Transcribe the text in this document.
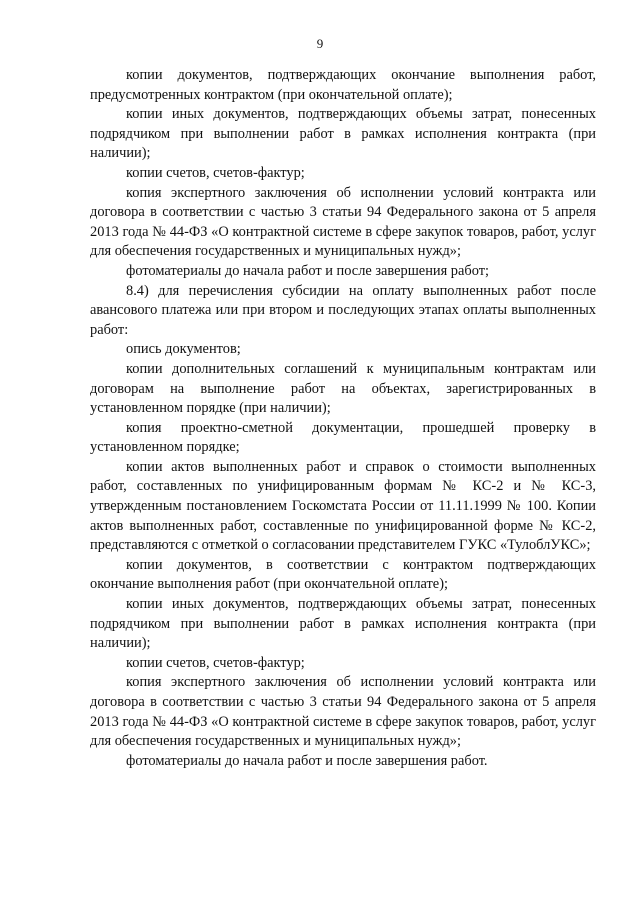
9

копии документов, подтверждающих окончание выполнения работ, предусмотренных контрактом (при окончательной оплате);

копии иных документов, подтверждающих объемы затрат, понесенных подрядчиком при выполнении работ в рамках исполнения контракта (при наличии);

копии счетов, счетов-фактур;

копия экспертного заключения об исполнении условий контракта или договора в соответствии с частью 3 статьи 94 Федерального закона от 5 апреля 2013 года № 44-ФЗ «О контрактной системе в сфере закупок товаров, работ, услуг для обеспечения государственных и муниципальных нужд»;

фотоматериалы до начала работ и после завершения работ;

8.4) для перечисления субсидии на оплату выполненных работ после авансового платежа или при втором и последующих этапах оплаты выполненных работ:

опись документов;

копии дополнительных соглашений к муниципальным контрактам или договорам на выполнение работ на объектах, зарегистрированных в установленном порядке (при наличии);

копия проектно-сметной документации, прошедшей проверку в установленном порядке;

копии актов выполненных работ и справок о стоимости выполненных работ, составленных по унифицированным формам № КС-2 и № КС-3, утвержденным постановлением Госкомстата России от 11.11.1999 № 100. Копии актов выполненных работ, составленные по унифицированной форме № КС-2, представляются с отметкой о согласовании представителем ГУКС «ТулоблУКС»;

копии документов, в соответствии с контрактом подтверждающих окончание выполнения работ (при окончательной оплате);

копии иных документов, подтверждающих объемы затрат, понесенных подрядчиком при выполнении работ в рамках исполнения контракта (при наличии);

копии счетов, счетов-фактур;

копия экспертного заключения об исполнении условий контракта или договора в соответствии с частью 3 статьи 94 Федерального закона от 5 апреля 2013 года № 44-ФЗ «О контрактной системе в сфере закупок товаров, работ, услуг для обеспечения государственных и муниципальных нужд»;

фотоматериалы до начала работ и после завершения работ.
